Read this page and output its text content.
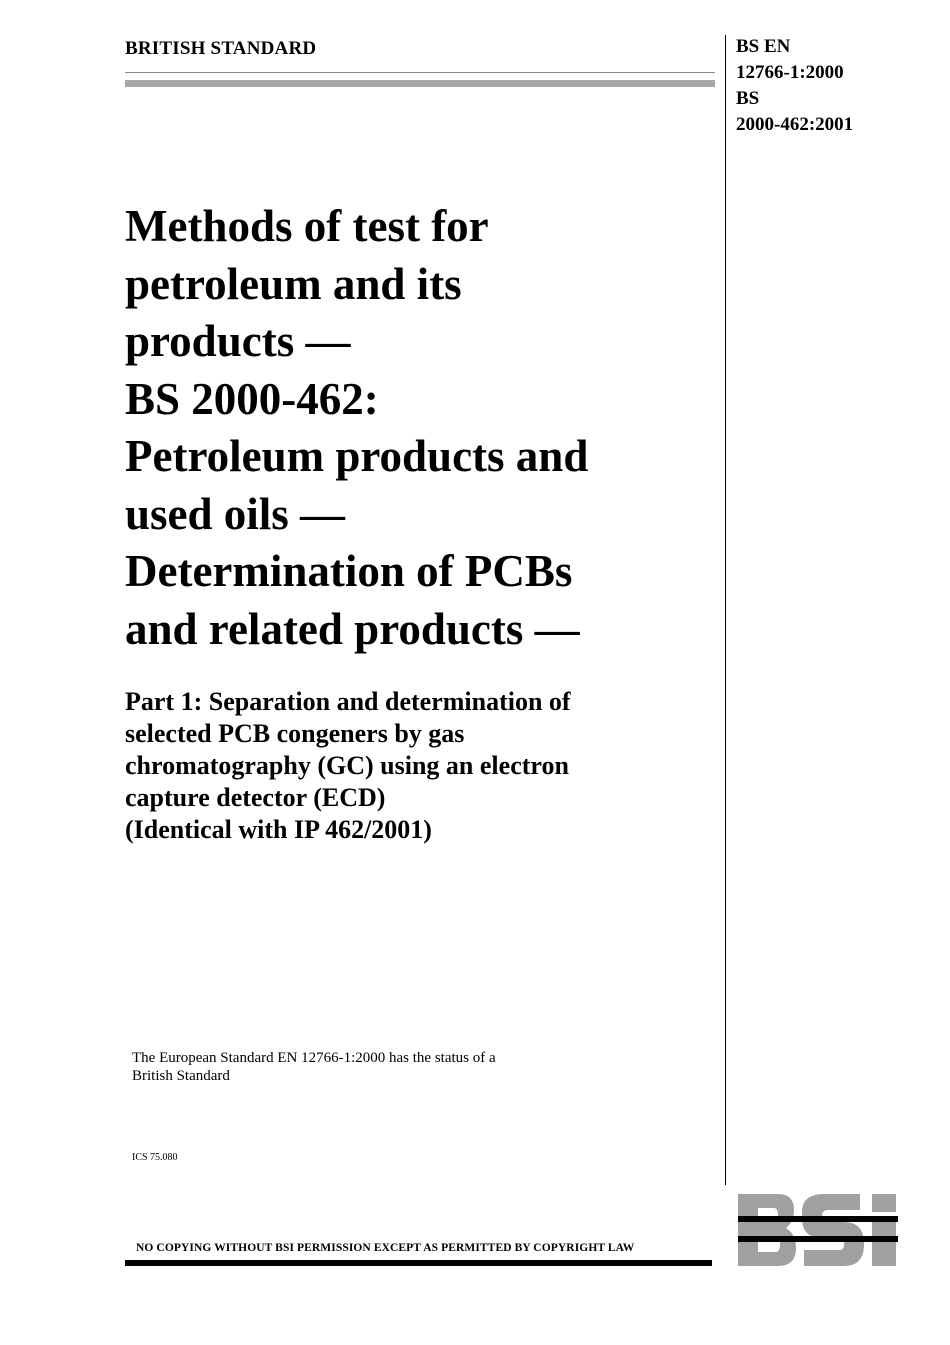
BRITISH STANDARD	BS EN
12766-1:2000
BS
2000-462:2001
Methods of test for
petroleum and its
products —
BS 2000-462:
Petroleum products and
used oils —
Determination of PCBs
and related products —
Part 1: Separation and determination of
selected PCB congeners by gas
chromatography (GC) using an electron
capture detector (ECD)
(Identical with IP 462/2001)
The European Standard EN 12766-1:2000 has the status of a
British Standard
ICS 75.080
NO COPYING WITHOUT BSI PERMISSION EXCEPT AS PERMITTED BY COPYRIGHT LAW
